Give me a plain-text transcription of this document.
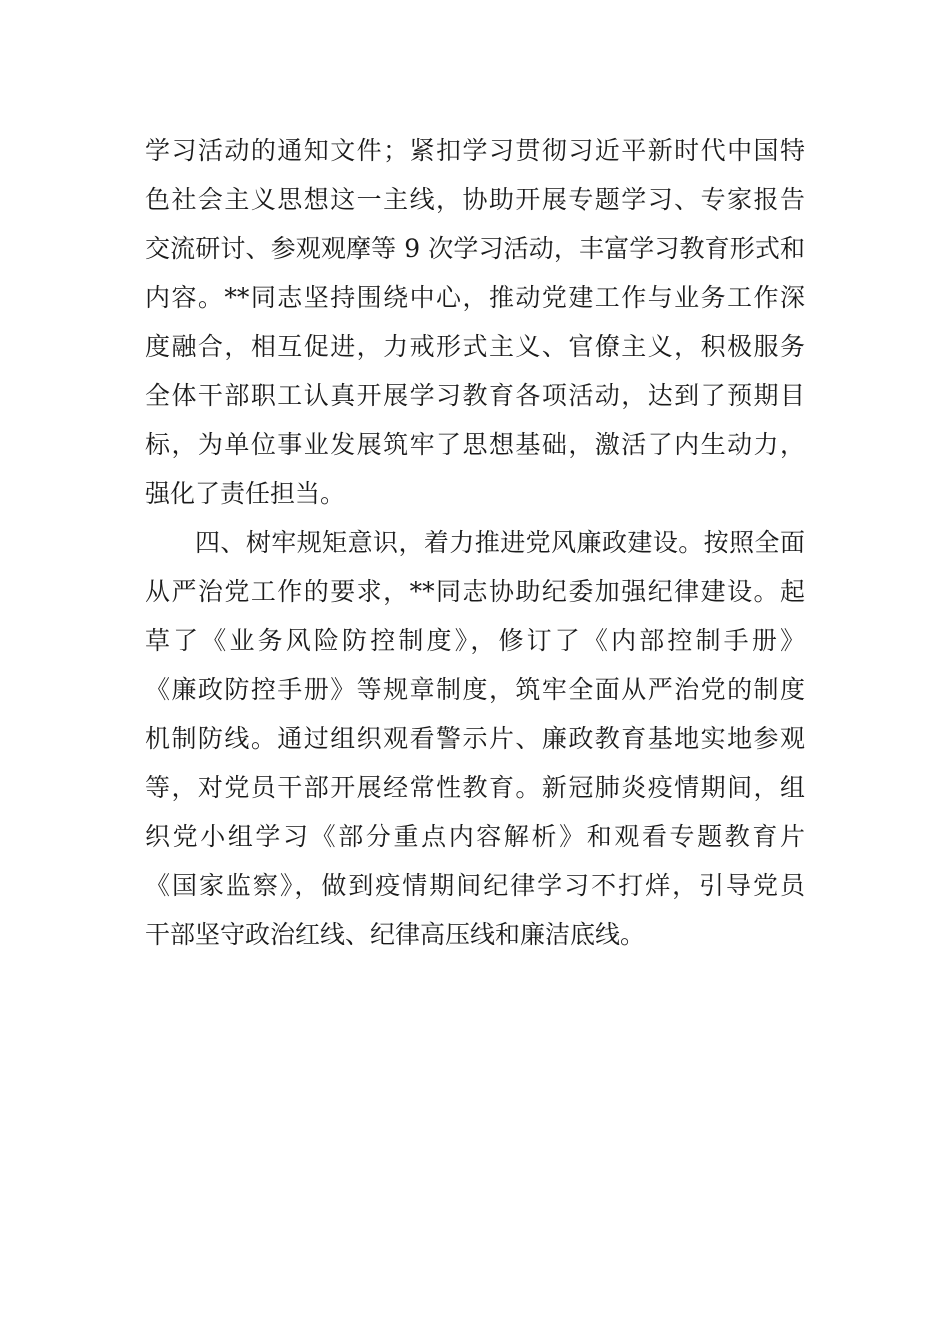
学习活动的通知文件；紧扣学习贯彻习近平新时代中国特
色社会主义思想这一主线，协助开展专题学习、专家报告
交流研讨、参观观摩等 9 次学习活动，丰富学习教育形式和
内容。**同志坚持围绕中心，推动党建工作与业务工作深
度融合，相互促进，力戒形式主义、官僚主义，积极服务
全体干部职工认真开展学习教育各项活动，达到了预期目
标，为单位事业发展筑牢了思想基础，激活了内生动力，
强化了责任担当。
四、树牢规矩意识，着力推进党风廉政建设。按照全面
从严治党工作的要求，**同志协助纪委加强纪律建设。起
草了《业务风险防控制度》，修订了《内部控制手册》
《廉政防控手册》等规章制度，筑牢全面从严治党的制度
机制防线。通过组织观看警示片、廉政教育基地实地参观
等，对党员干部开展经常性教育。新冠肺炎疫情期间，组
织党小组学习《部分重点内容解析》和观看专题教育片
《国家监察》，做到疫情期间纪律学习不打烊，引导党员
干部坚守政治红线、纪律高压线和廉洁底线。
